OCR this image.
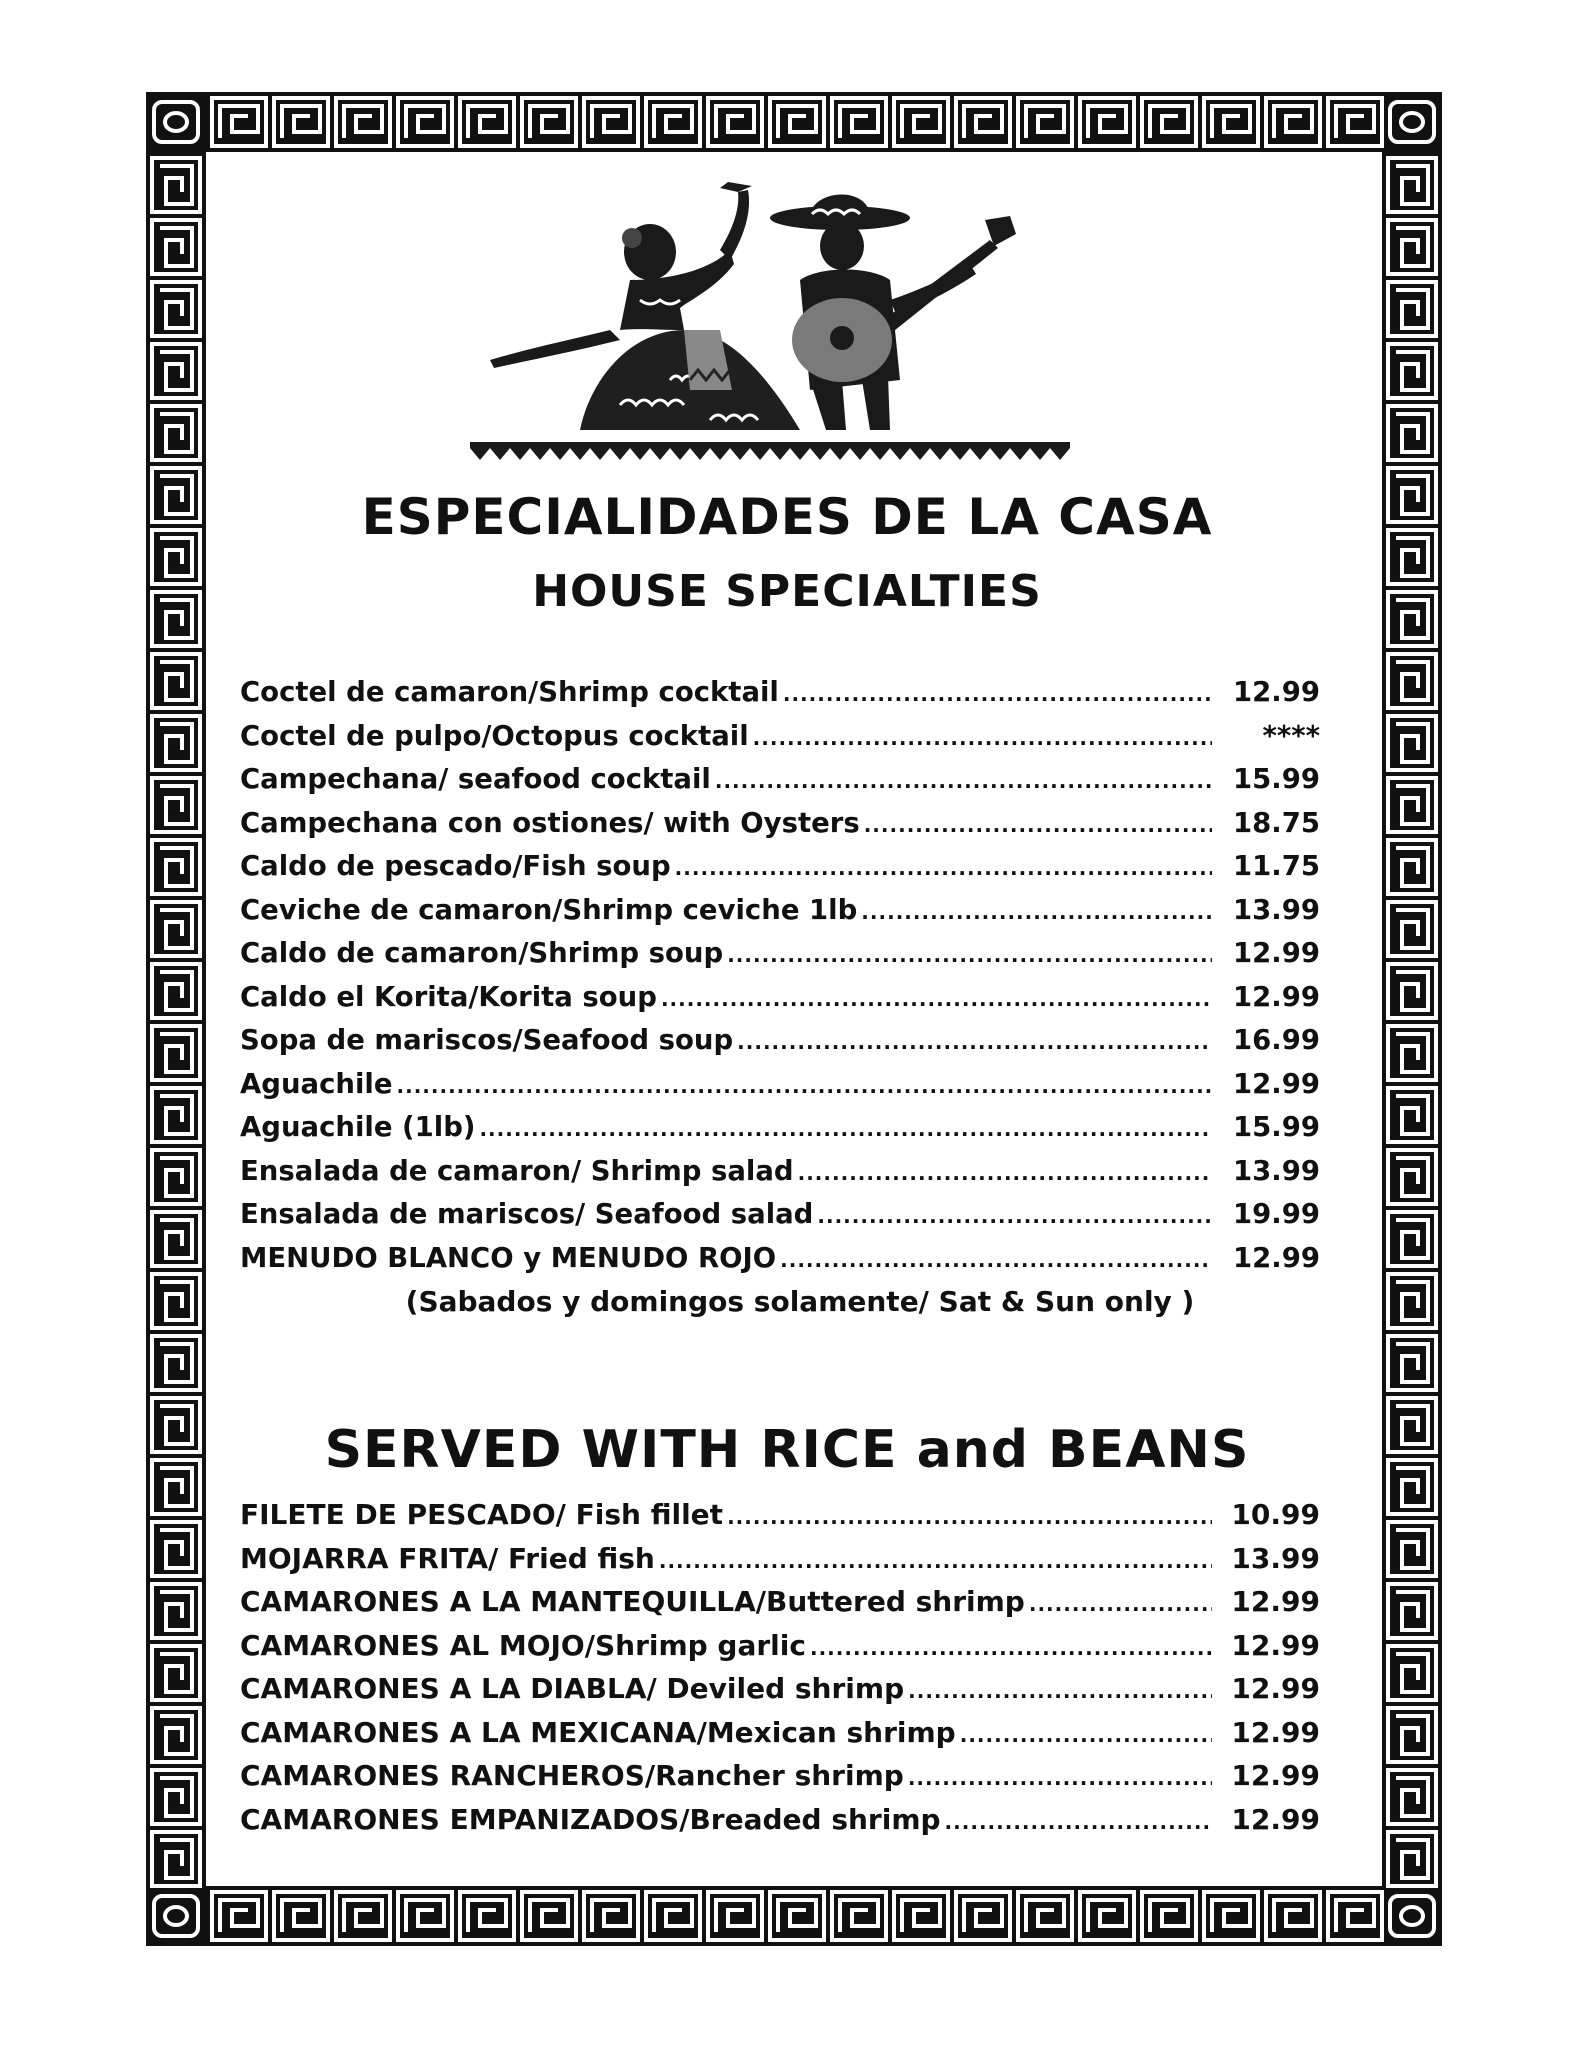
ESPECIALIDADES DE LA CASA
HOUSE SPECIALTIES
Coctel de camaron/Shrimp cocktail .....	12.99
Coctel de pulpo/Octopus cocktail .....	****
Campechana/ seafood cocktail .....	15.99
Campechana con ostiones/ with Oysters .....	18.75
Caldo de pescado/Fish soup .....	11.75
Ceviche de camaron/Shrimp ceviche 1lb .....	13.99
Caldo de camaron/Shrimp soup .....	12.99
Caldo el Korita/Korita soup .....	12.99
Sopa de mariscos/Seafood soup .....	16.99
Aguachile .....	12.99
Aguachile (1lb) .....	15.99
Ensalada de camaron/ Shrimp salad .....	13.99
Ensalada de mariscos/ Seafood salad .....	19.99
MENUDO BLANCO y MENUDO ROJO .....	12.99
(Sabados y domingos solamente/ Sat & Sun only )
SERVED WITH RICE and BEANS
FILETE DE PESCADO/ Fish fillet .....	10.99
MOJARRA FRITA/ Fried fish .....	13.99
CAMARONES A LA MANTEQUILLA/Buttered shrimp .....	12.99
CAMARONES AL MOJO/Shrimp garlic .....	12.99
CAMARONES A LA DIABLA/ Deviled shrimp .....	12.99
CAMARONES A LA MEXICANA/Mexican shrimp .....	12.99
CAMARONES RANCHEROS/Rancher shrimp .....	12.99
CAMARONES EMPANIZADOS/Breaded shrimp .....	12.99
